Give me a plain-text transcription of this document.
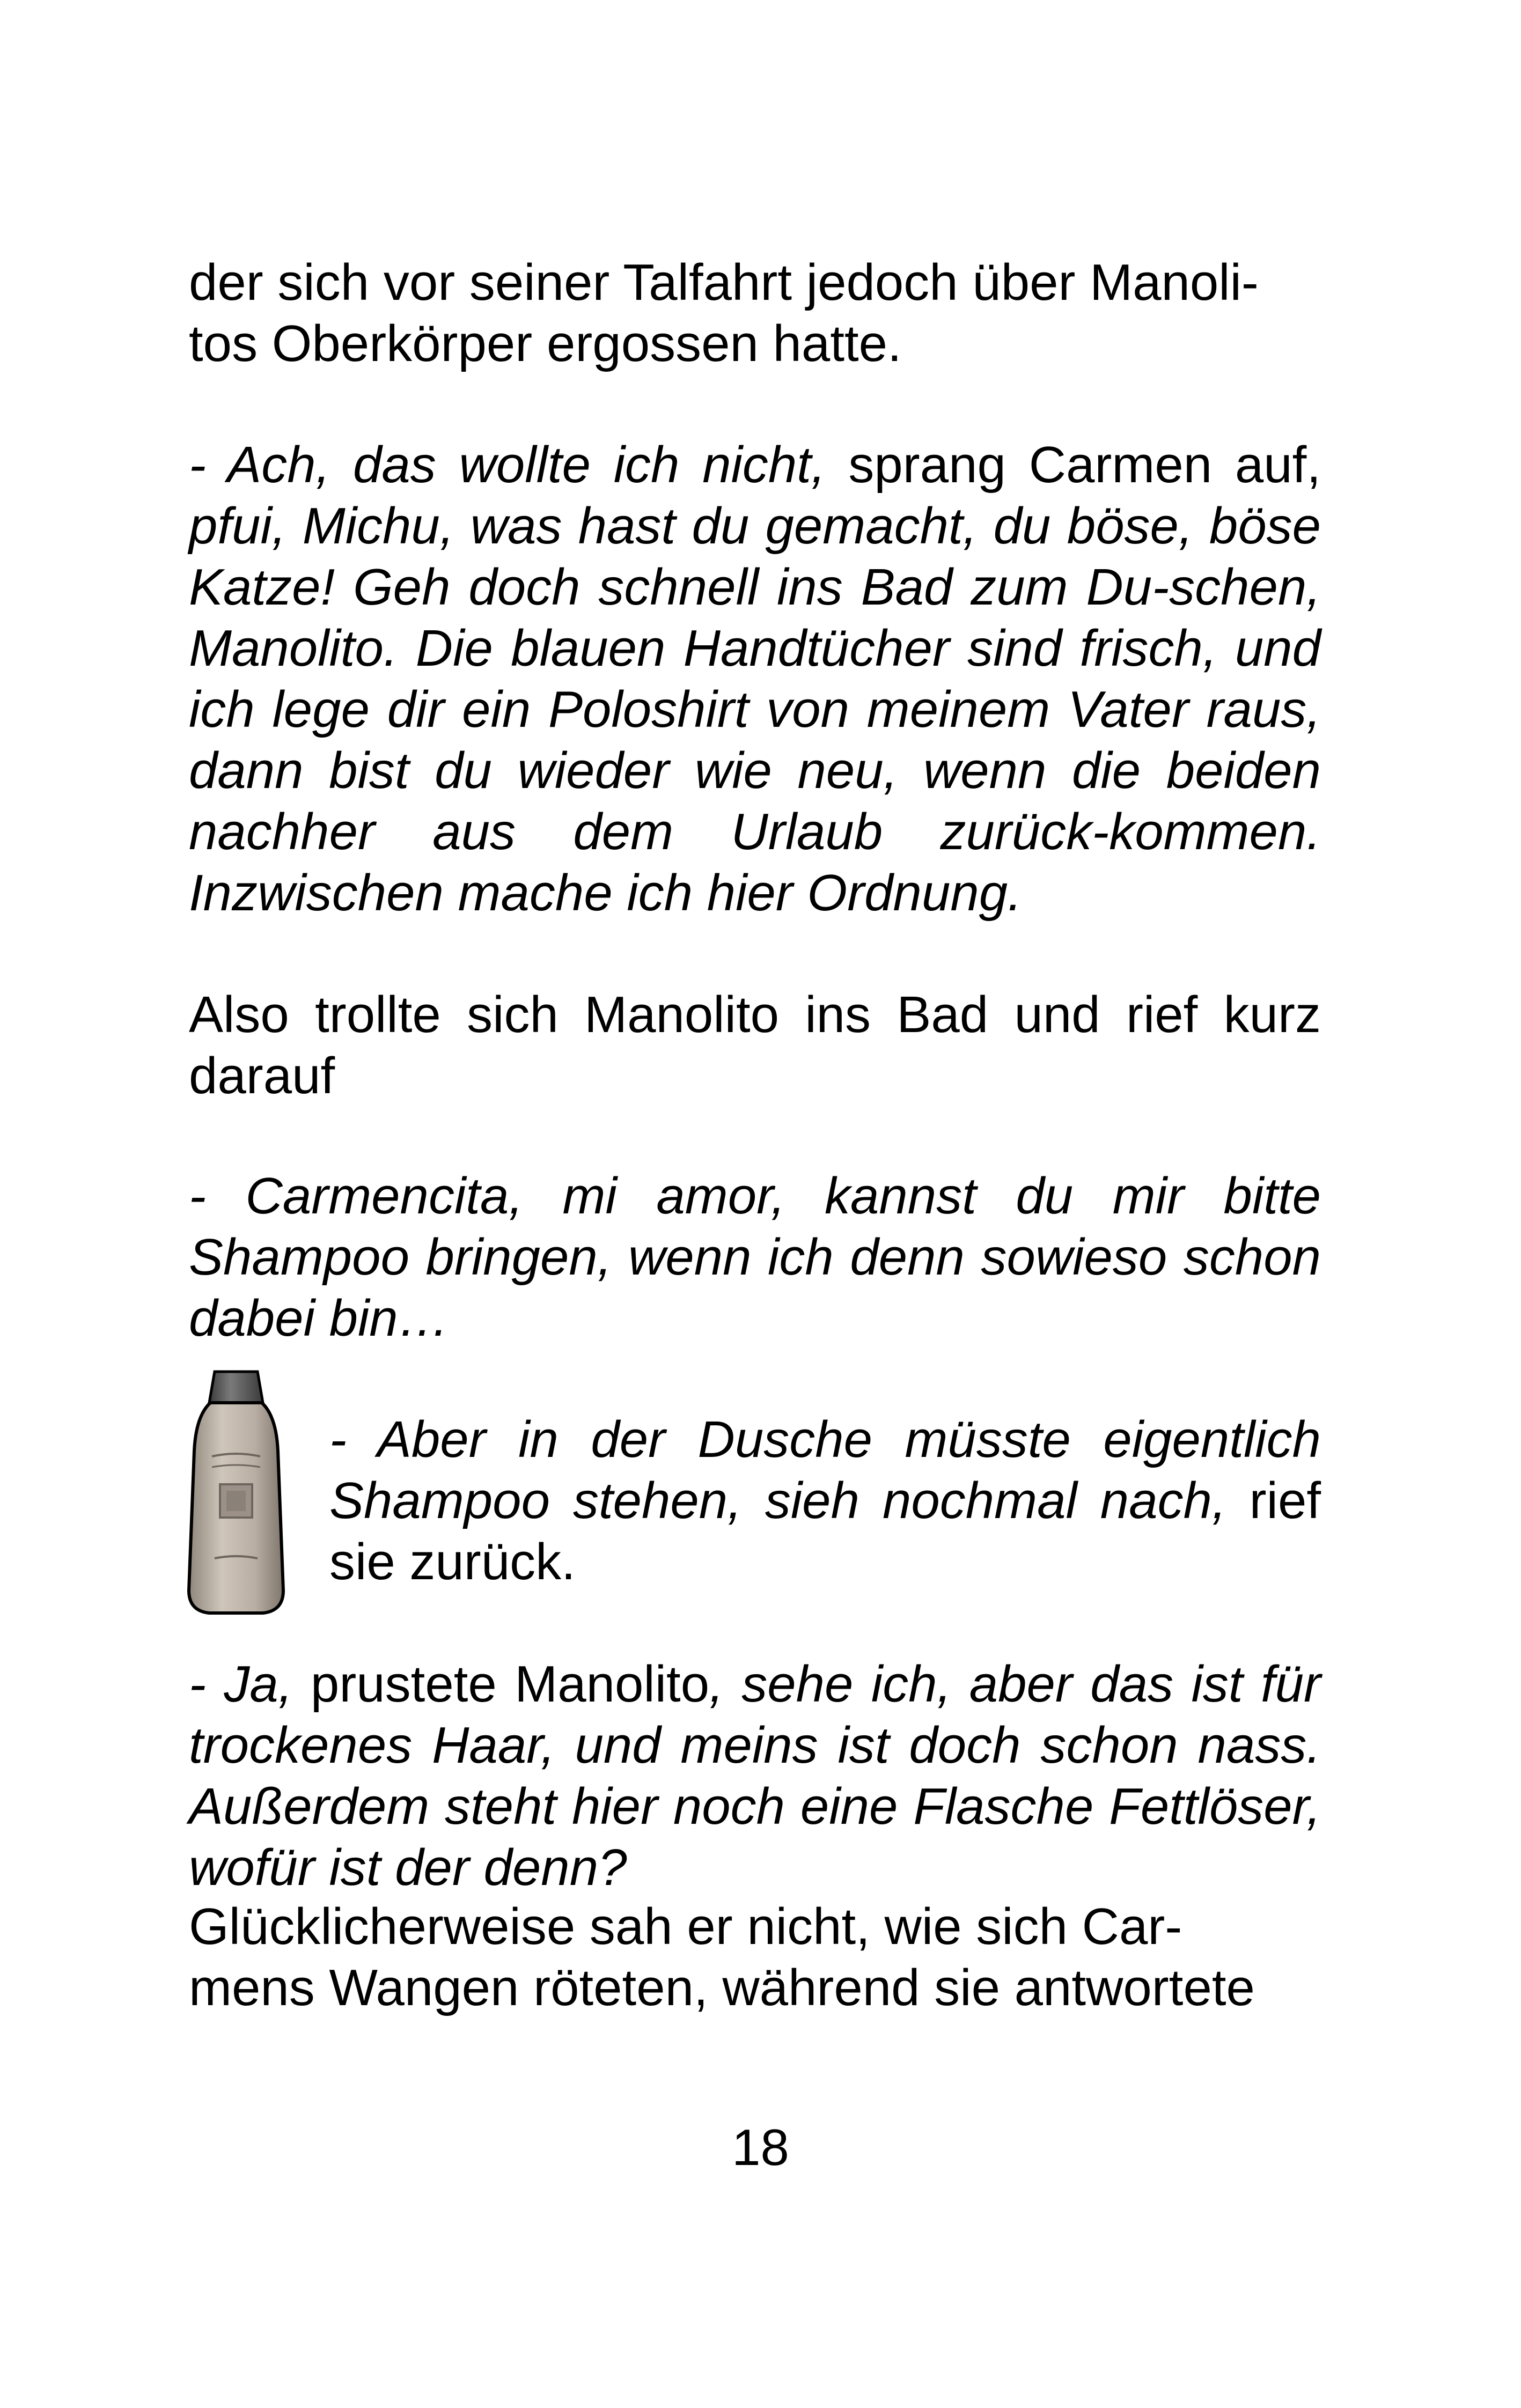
der sich vor seiner Talfahrt jedoch über Manoli-
tos Oberkörper ergossen hatte.

- Ach, das wollte ich nicht, sprang Carmen auf, pfui, Michu, was hast du gemacht, du böse, böse Katze! Geh doch schnell ins Bad zum Du-schen, Manolito. Die blauen Handtücher sind frisch, und ich lege dir ein Poloshirt von meinem Vater raus, dann bist du wieder wie neu, wenn die beiden nachher aus dem Urlaub zurück-kommen. Inzwischen mache ich hier Ordnung.

Also trollte sich Manolito ins Bad und rief kurz darauf

- Carmencita, mi amor, kannst du mir bitte Shampoo bringen, wenn ich denn sowieso schon dabei bin…

- Aber in der Dusche müsste eigentlich Shampoo stehen, sieh nochmal nach, rief sie zurück.

- Ja, prustete Manolito, sehe ich, aber das ist für trockenes Haar, und meins ist doch schon nass. Außerdem steht hier noch eine Flasche Fettlöser, wofür ist der denn?

Glücklicherweise sah er nicht, wie sich Car-
mens Wangen röteten, während sie antwortete

18
